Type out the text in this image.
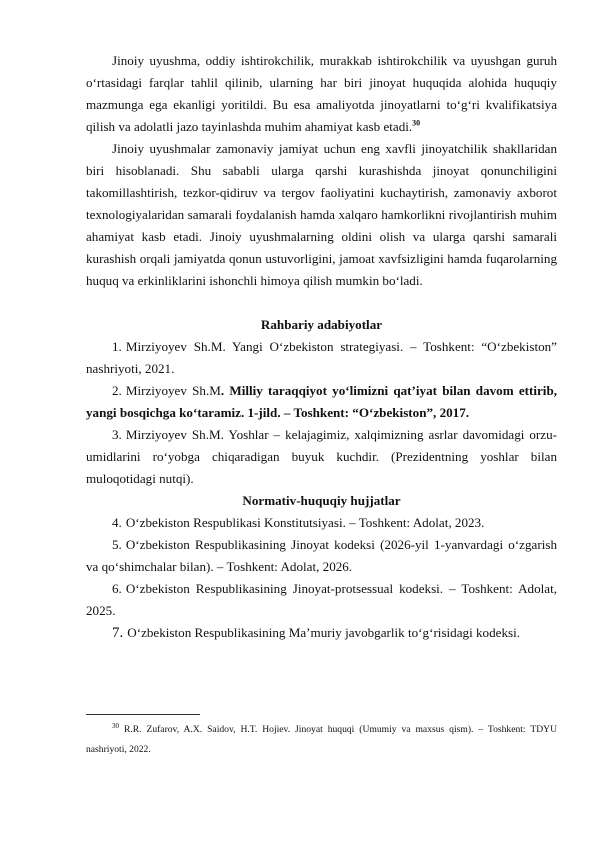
Jinoiy uyushma, oddiy ishtirokchilik, murakkab ishtirokchilik va uyushgan guruh o‘rtasidagi farqlar tahlil qilinib, ularning har biri jinoyat huquqida alohida huquqiy mazmunga ega ekanligi yoritildi. Bu esa amaliyotda jinoyatlarni to‘g‘ri kvalifikatsiya qilish va adolatli jazo tayinlashda muhim ahamiyat kasb etadi.$^{30}$

Jinoiy uyushmalar zamonaviy jamiyat uchun eng xavfli jinoyatchilik shakllaridan biri hisoblanadi. Shu sababli ularga qarshi kurashishda jinoyat qonunchiligini takomillashtirish, tezkor-qidiruv va tergov faoliyatini kuchaytirish, zamonaviy axborot texnologiyalaridan samarali foydalanish hamda xalqaro hamkorlikni rivojlantirish muhim ahamiyat kasb etadi. Jinoiy uyushmalarning oldini olish va ularga qarshi samarali kurashish orqali jamiyatda qonun ustuvorligini, jamoat xavfsizligini hamda fuqarolarning huquq va erkinliklarini ishonchli himoya qilish mumkin bo‘ladi.

Rahbariy adabiyotlar

1. Mirziyoyev Sh.M. Yangi O‘zbekiston strategiyasi. – Toshkent: “O‘zbekiston” nashriyoti, 2021.

2. Mirziyoyev Sh.M. Milliy taraqqiyot yo‘limizni qat’iyat bilan davom ettirib, yangi bosqichga ko‘taramiz. 1-jild. – Toshkent: “O‘zbekiston”, 2017.

3. Mirziyoyev Sh.M. Yoshlar – kelajagimiz, xalqimizning asrlar davomidagi orzu-umidlarini ro‘yobga chiqaradigan buyuk kuchdir. (Prezidentning yoshlar bilan muloqotidagi nutqi).

Normativ-huquqiy hujjatlar

4. O‘zbekiston Respublikasi Konstitutsiyasi. – Toshkent: Adolat, 2023.

5. O‘zbekiston Respublikasining Jinoyat kodeksi (2026-yil 1-yanvardagi o‘zgarish va qo‘shimchalar bilan). – Toshkent: Adolat, 2026.

6. O‘zbekiston Respublikasining Jinoyat-protsessual kodeksi. – Toshkent: Adolat, 2025.

7. O‘zbekiston Respublikasining Ma’muriy javobgarlik to‘g‘risidagi kodeksi.

$^{30}$ R.R. Zufarov, A.X. Saidov, H.T. Hojiev. Jinoyat huquqi (Umumiy va maxsus qism). – Toshkent: TDYU nashriyoti, 2022.
